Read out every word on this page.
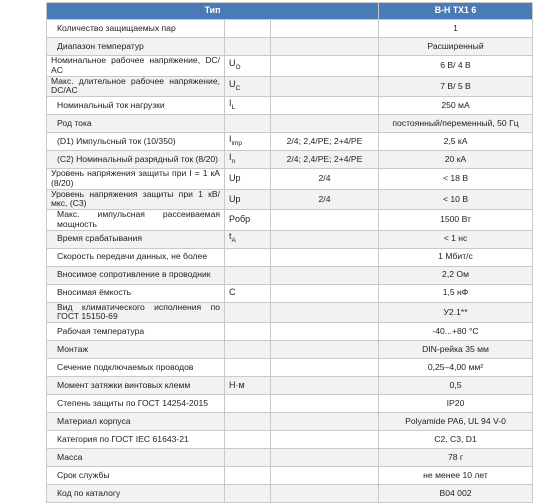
Тип			B-H TX1 6
Количество защищаемых пар			1
Диапазон температур			Расширенный
Номинальное рабочее напряжение, DC/ AC	$U_O$		6 В/ 4 В
Макс. длительное рабочее напряжение, DC/AC	$U_C$		7 В/ 5 В
Номинальный ток нагрузки	$I_L$		250 мА
Род тока			постоянный/переменный, 50 Гц
(D1) Импульсный ток (10/350)	$I_{imp}$	2/4; 2,4/PE; 2+4/PE	2,5 кА
(C2) Номинальный разрядный ток (8/20)	$I_n$	2/4; 2,4/PE; 2+4/PE	20 кА
Уровень напряжения защиты при I = 1 кА (8/20)	Up	2/4	< 18 В
Уровень напряжения защиты при 1 кВ/ мкс, (C3)	Up	2/4	< 10 В
Макс. импульсная рассеиваемая мощность	Pобр		1500 Вт
Время срабатывания	$t_A$		< 1 нс
Скорость передачи данных, не более			1 Мбит/с
Вносимое сопротивление в проводник			2,2 Ом
Вносимая ёмкость	C		1,5 нФ
Вид климатического исполнения по ГОСТ 15150-69			У2.1**
Рабочая температура			-40...+80 °C
Монтаж			DIN-рейка 35 мм
Сечение подключаемых проводов			0,25–4,00 мм²
Момент затяжки винтовых клемм	Н·м		0,5
Степень защиты по ГОСТ 14254-2015			IP20
Материал корпуса			Polyamide PA6, UL 94 V-0
Категория по ГОСТ IEC 61643-21			C2, C3, D1
Масса			78 г
Срок службы			не менее 10 лет
Код по каталогу			B04 002
